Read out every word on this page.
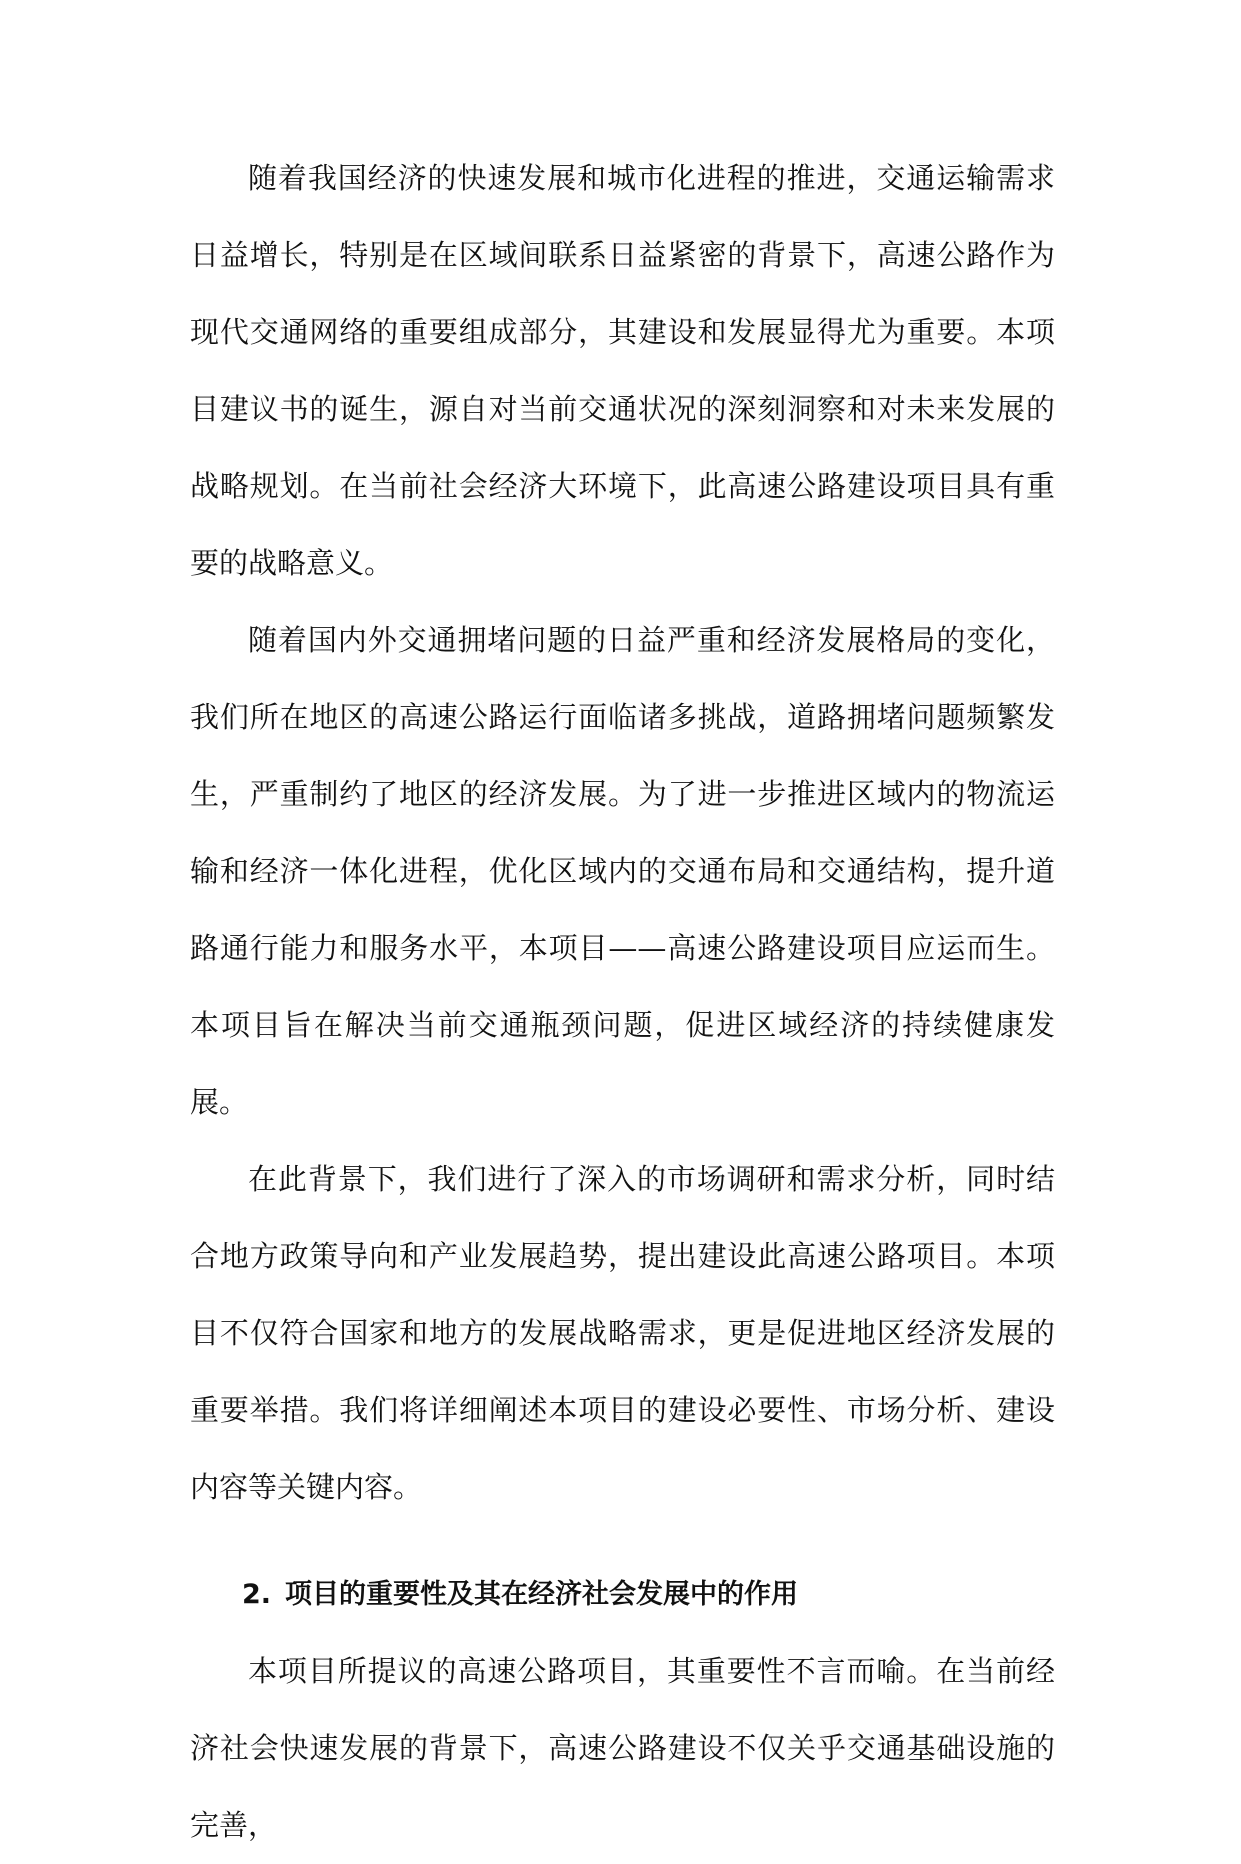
随着我国经济的快速发展和城市化进程的推进，交通运输需求日益增长，特别是在区域间联系日益紧密的背景下，高速公路作为现代交通网络的重要组成部分，其建设和发展显得尤为重要。本项目建议书的诞生，源自对当前交通状况的深刻洞察和对未来发展的战略规划。在当前社会经济大环境下，此高速公路建设项目具有重要的战略意义。

随着国内外交通拥堵问题的日益严重和经济发展格局的变化，我们所在地区的高速公路运行面临诸多挑战，道路拥堵问题频繁发生，严重制约了地区的经济发展。为了进一步推进区域内的物流运输和经济一体化进程，优化区域内的交通布局和交通结构，提升道路通行能力和服务水平，本项目——高速公路建设项目应运而生。本项目旨在解决当前交通瓶颈问题，促进区域经济的持续健康发展。

在此背景下，我们进行了深入的市场调研和需求分析，同时结合地方政策导向和产业发展趋势，提出建设此高速公路项目。本项目不仅符合国家和地方的发展战略需求，更是促进地区经济发展的重要举措。我们将详细阐述本项目的建设必要性、市场分析、建设内容等关键内容。

2. 项目的重要性及其在经济社会发展中的作用

本项目所提议的高速公路项目，其重要性不言而喻。在当前经济社会快速发展的背景下，高速公路建设不仅关乎交通基础设施的完善，
